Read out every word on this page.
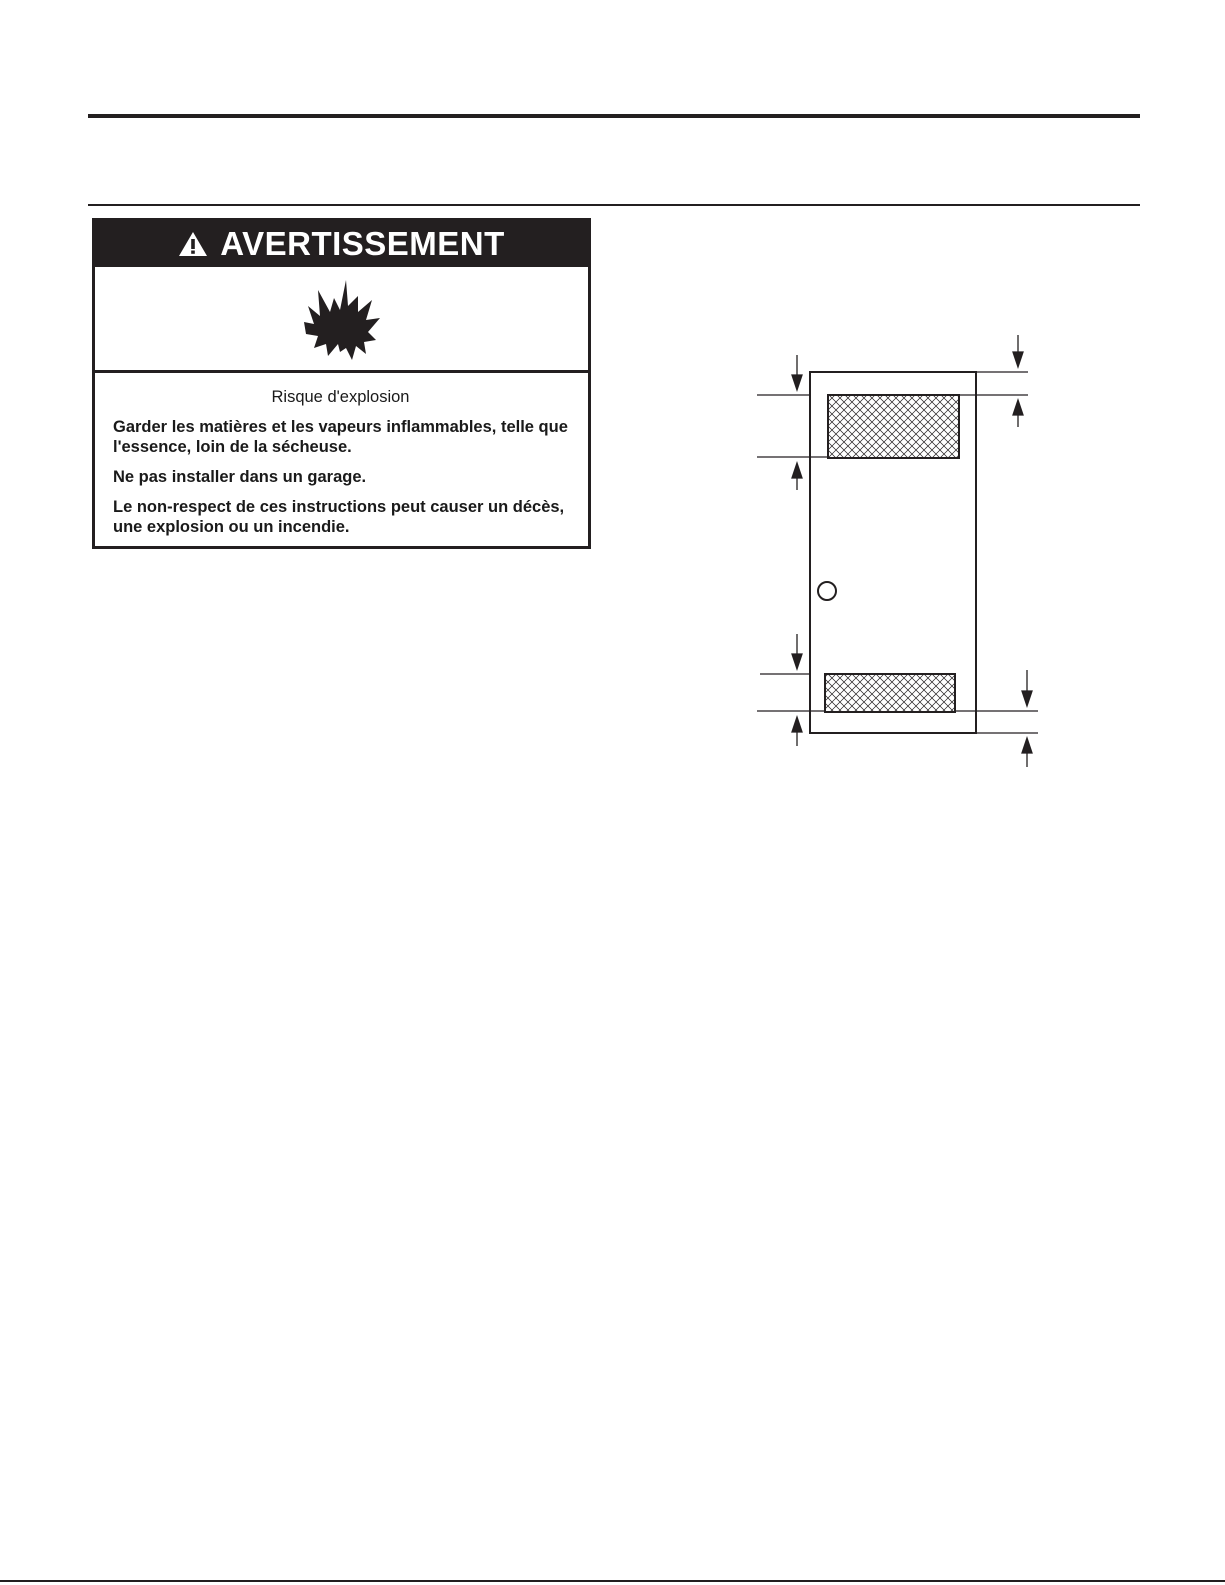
AVERTISSEMENT
Risque d'explosion

Garder les matières et les vapeurs inflammables, telle que l'essence, loin de la sécheuse.

Ne pas installer dans un garage.

Le non-respect de ces instructions peut causer un décès, une explosion ou un incendie.
